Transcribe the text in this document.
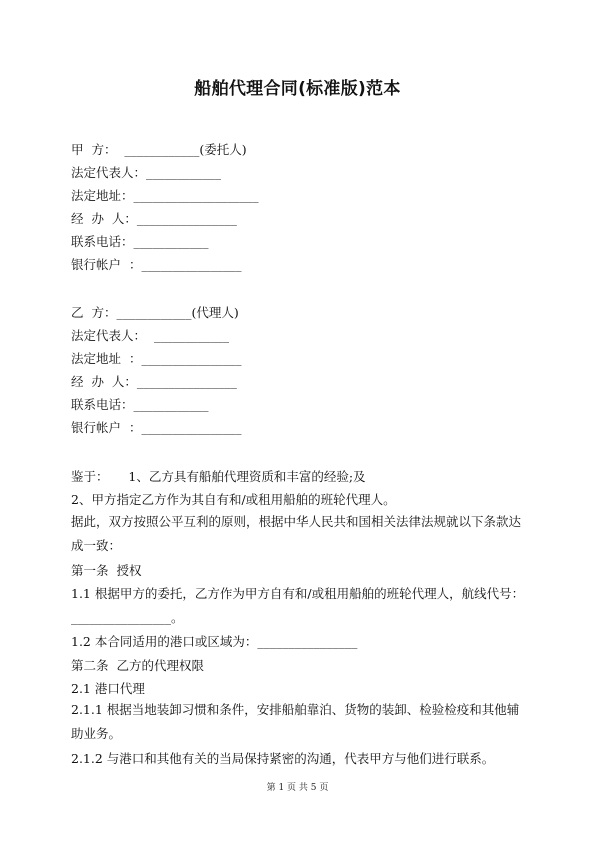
船舶代理合同(标准版)范本
甲  方：  ____________(委托人)
法定代表人：____________
法定地址：____________________
经  办  人：________________
联系电话：____________
银行帐户  ：________________
乙  方：____________(代理人)
法定代表人：  ____________
法定地址  ：________________
经  办  人：________________
联系电话：____________
银行帐户  ：________________
鉴于：     1、乙方具有船舶代理资质和丰富的经验;及
2、甲方指定乙方作为其自有和/或租用船舶的班轮代理人。
据此，双方按照公平互利的原则，根据中华人民共和国相关法律法规就以下条款达成一致：
第一条  授权
1.1 根据甲方的委托，乙方作为甲方自有和/或租用船舶的班轮代理人，航线代号：
________________。
1.2 本合同适用的港口或区域为：________________
第二条  乙方的代理权限
2.1 港口代理
2.1.1 根据当地装卸习惯和条件，安排船舶靠泊、货物的装卸、检验检疫和其他辅助业务。
2.1.2 与港口和其他有关的当局保持紧密的沟通，代表甲方与他们进行联系。
第 1 页 共 5 页
